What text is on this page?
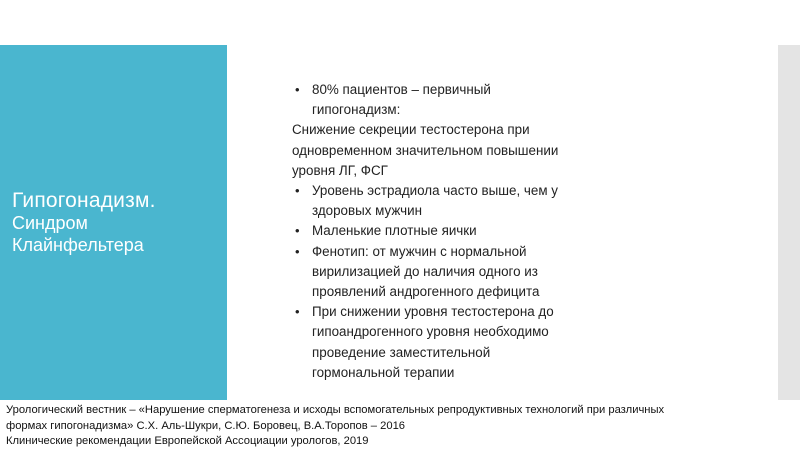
Гипогонадизм.
Синдром
Клайнфельтера
• 80% пациентов – первичный
гипогонадизм:
Снижение секреции тестостерона при
одновременном значительном повышении
уровня ЛГ, ФСГ
• Уровень эстрадиола часто выше, чем у
здоровых мужчин
• Маленькие плотные яички
• Фенотип: от мужчин с нормальной
вирилизацией до наличия одного из
проявлений андрогенного дефицита
• При снижении уровня тестостерона до
гипоандрогенного уровня необходимо
проведение заместительной
гормональной терапии
Урологический вестник – «Нарушение сперматогенеза и исходы вспомогательных репродуктивных технологий при различных
формах гипогонадизма» С.Х. Аль-Шукри, С.Ю. Боровец, В.А.Торопов – 2016
Клинические рекомендации Европейской Ассоциации урологов, 2019
